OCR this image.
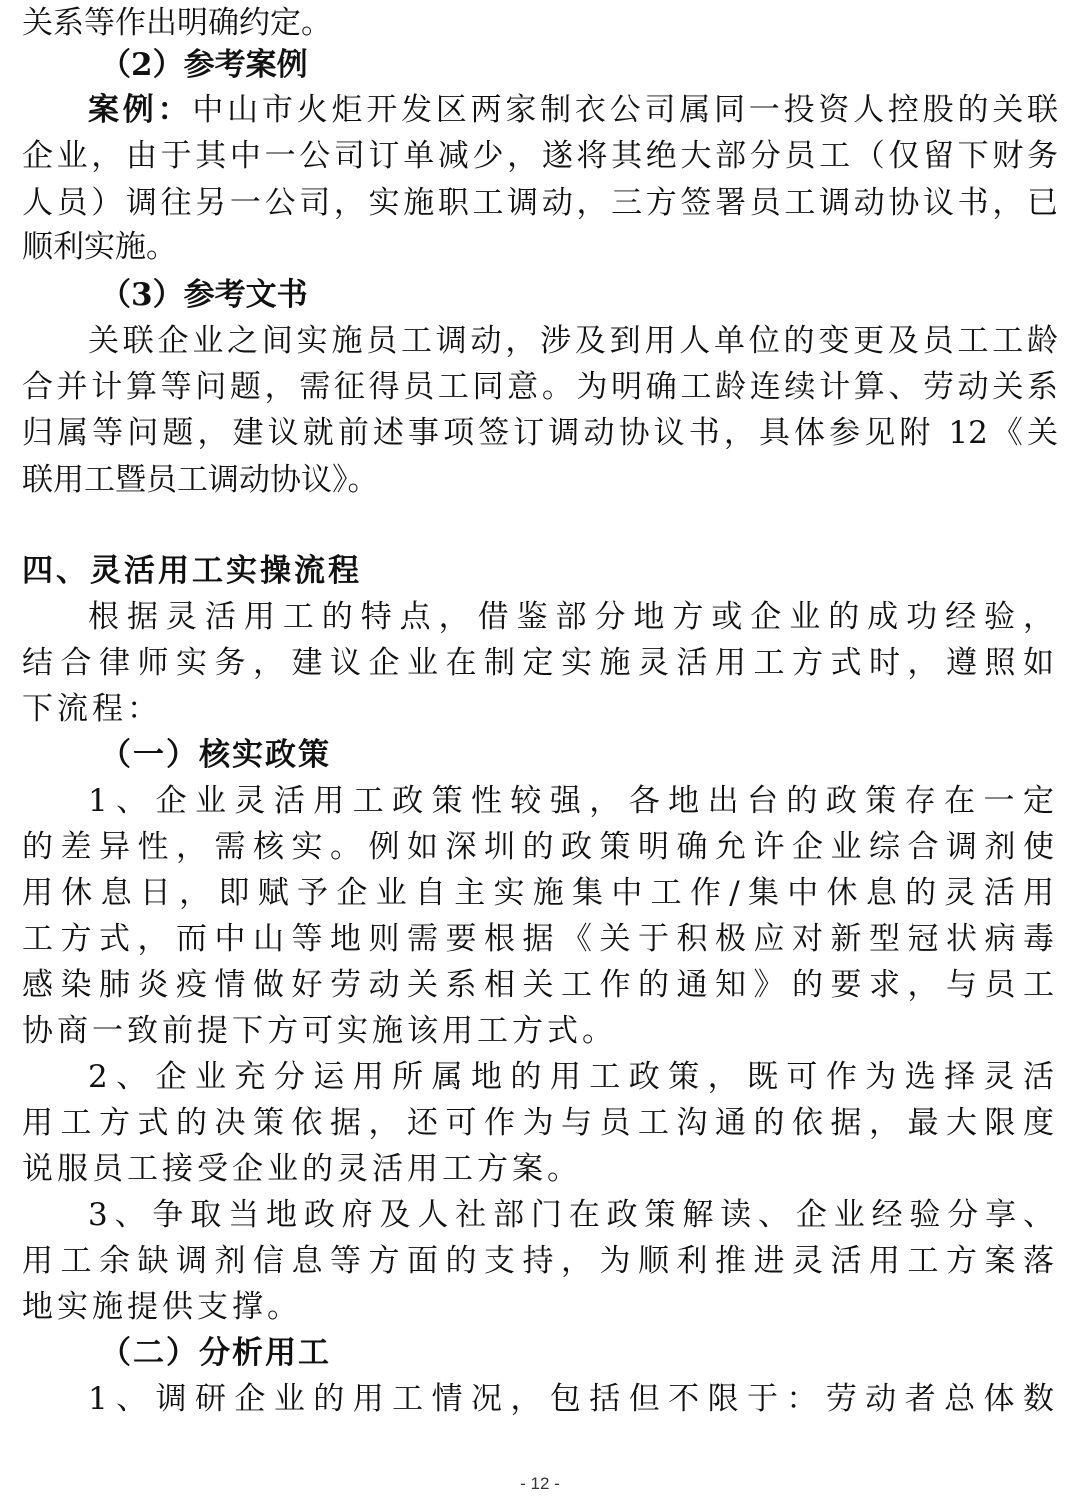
关系等作出明确约定。
（2）参考案例
案例：中山市火炬开发区两家制衣公司属同一投资人控股的关联
企业，由于其中一公司订单减少，遂将其绝大部分员工（仅留下财务
人员）调往另一公司，实施职工调动，三方签署员工调动协议书，已
顺利实施。
（3）参考文书
关联企业之间实施员工调动，涉及到用人单位的变更及员工工龄
合并计算等问题，需征得员工同意。为明确工龄连续计算、劳动关系
归属等问题，建议就前述事项签订调动协议书，具体参见附 12《关
联用工暨员工调动协议》。
四、灵活用工实操流程
根据灵活用工的特点，借鉴部分地方或企业的成功经验，
结合律师实务，建议企业在制定实施灵活用工方式时，遵照如
下流程：
（一）核实政策
1、企业灵活用工政策性较强，各地出台的政策存在一定
的差异性，需核实。例如深圳的政策明确允许企业综合调剂使
用休息日，即赋予企业自主实施集中工作/集中休息的灵活用
工方式，而中山等地则需要根据《关于积极应对新型冠状病毒
感染肺炎疫情做好劳动关系相关工作的通知》的要求，与员工
协商一致前提下方可实施该用工方式。
2、企业充分运用所属地的用工政策，既可作为选择灵活
用工方式的决策依据，还可作为与员工沟通的依据，最大限度
说服员工接受企业的灵活用工方案。
3、争取当地政府及人社部门在政策解读、企业经验分享、
用工余缺调剂信息等方面的支持，为顺利推进灵活用工方案落
地实施提供支撑。
（二）分析用工
1、调研企业的用工情况，包括但不限于：劳动者总体数
- 12 -
